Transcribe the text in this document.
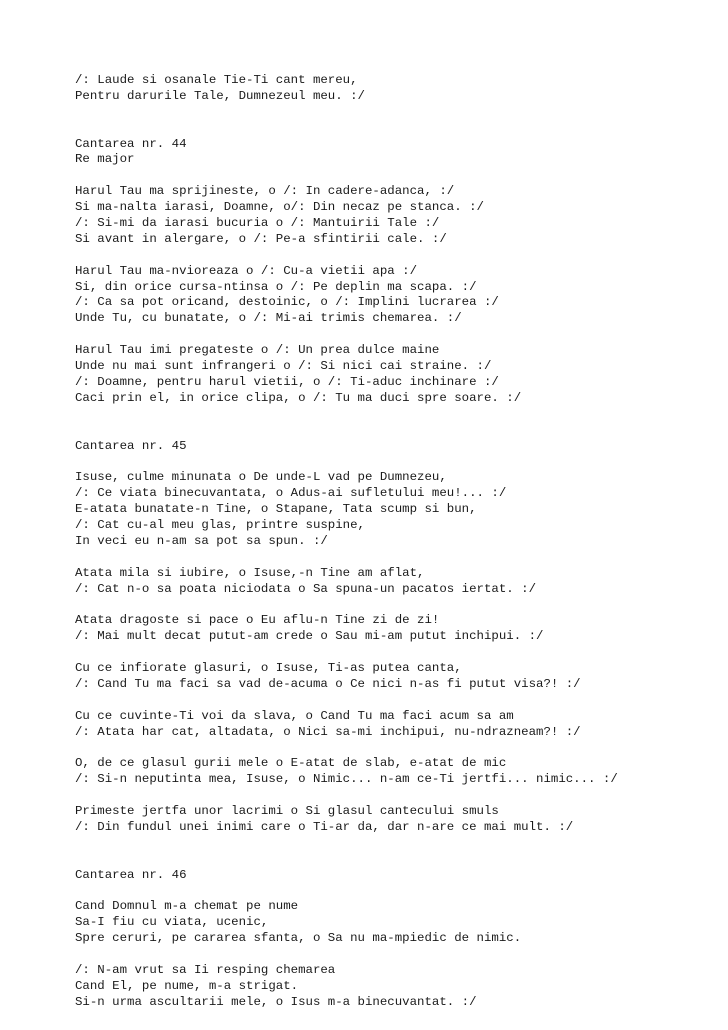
/: Laude si osanale Tie-Ti cant mereu,
Pentru darurile Tale, Dumnezeul meu. :/
Cantarea nr. 44
Re major
Harul Tau ma sprijineste, o /: In cadere-adanca, :/
Si ma-nalta iarasi, Doamne, o/: Din necaz pe stanca. :/
/: Si-mi da iarasi bucuria o /: Mantuirii Tale :/
Si avant in alergare, o /: Pe-a sfintirii cale. :/
Harul Tau ma-nvioreaza o /: Cu-a vietii apa :/
Si, din orice cursa-ntinsa o /: Pe deplin ma scapa. :/
/: Ca sa pot oricand, destoinic, o /: Implini lucrarea :/
Unde Tu, cu bunatate, o /: Mi-ai trimis chemarea. :/
Harul Tau imi pregateste o /: Un prea dulce maine
Unde nu mai sunt infrangeri o /: Si nici cai straine. :/
/: Doamne, pentru harul vietii, o /: Ti-aduc inchinare :/
Caci prin el, in orice clipa, o /: Tu ma duci spre soare. :/
Cantarea nr. 45
Isuse, culme minunata o De unde-L vad pe Dumnezeu,
/: Ce viata binecuvantata, o Adus-ai sufletului meu!... :/
E-atata bunatate-n Tine, o Stapane, Tata scump si bun,
/: Cat cu-al meu glas, printre suspine,
In veci eu n-am sa pot sa spun. :/
Atata mila si iubire, o Isuse,-n Tine am aflat,
/: Cat n-o sa poata niciodata o Sa spuna-un pacatos iertat. :/
Atata dragoste si pace o Eu aflu-n Tine zi de zi!
/: Mai mult decat putut-am crede o Sau mi-am putut inchipui. :/
Cu ce infiorate glasuri, o Isuse, Ti-as putea canta,
/: Cand Tu ma faci sa vad de-acuma o Ce nici n-as fi putut visa?! :/
Cu ce cuvinte-Ti voi da slava, o Cand Tu ma faci acum sa am
/: Atata har cat, altadata, o Nici sa-mi inchipui, nu-ndrazneam?! :/
O, de ce glasul gurii mele o E-atat de slab, e-atat de mic
/: Si-n neputinta mea, Isuse, o Nimic... n-am ce-Ti jertfi... nimic... :/
Primeste jertfa unor lacrimi o Si glasul cantecului smuls
/: Din fundul unei inimi care o Ti-ar da, dar n-are ce mai mult. :/
Cantarea nr. 46
Cand Domnul m-a chemat pe nume
Sa-I fiu cu viata, ucenic,
Spre ceruri, pe cararea sfanta, o Sa nu ma-mpiedic de nimic.
/: N-am vrut sa Ii resping chemarea
Cand El, pe nume, m-a strigat.
Si-n urma ascultarii mele, o Isus m-a binecuvantat. :/
